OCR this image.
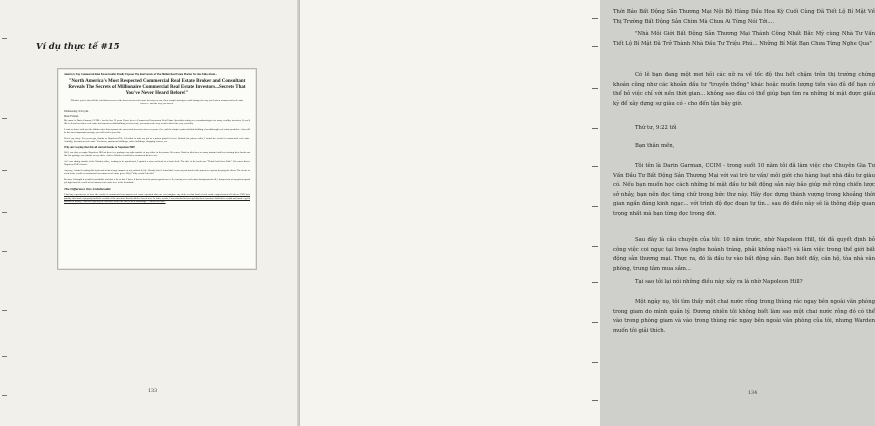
Ví dụ thực tế #15
America's Top Commercial Real Estate Insider Finally Exposes The Real Secrets of The Hidden Real Estate Market No One Talks About...
"North America's Most Respected Commercial Real Estate Broker and Consultant Reveals The Secrets of Millionaire Commercial Real Estate Investors...Secrets That You've Never Heard Before!"
Whether you've tried all the cold hard secrets of the most serious real estate investors or not, these simple strategies could change the way you look at commercial real estate forever... and the way you invest.
Wednesday, 9:22 pm.
Dear Friend,

My name is Darin Garman, CCIM -- for the last 19 years I have been a Commercial Investment Real Estate Specialist acting as a consultant/agent for many wealthy investors. If you'd like to learn how these real estate investment wealth-building secrets work, you must read every word in this letter very carefully.

I want to share with you the hidden rules that separate the successful investors from everyone else, and the simple system behind building a breakthrough real estate portfolio... that will be the most important message you will read in your life.

Here's my story: Ten years ago, thanks to Napoleon Hill, I decided to quit my job as a prison guard in Iowa. Outside the prison walls, I found the world of commercial real estate. Actually, investment real estate. You know, apartment buildings, office buildings, shopping centers, etc.

Why am I saying that this all started thanks to Napoleon Hill?

Well, one day as empty Napoleon Hill sat there in a garbage can right outside of my office in the prison. Of course I had no idea how so many inmates had been tossing their books out like the garbage was outside of my office. And so Warden would have mentioned them to me.

As I was sitting outside of the Warden office, waiting to be questioned, I spotted a worn out book in a book shelf. The title of the book was "Think And Grow Rich". Of course that is Napoleon Hill's classic.

Anyway, I started reading this book and it had a huge impact on my outlook in life. Shortly after I found that I was not just stuck at the prison in a prison keeping the doors. The desire to work in the world of commercial investment real estate grew. Why? Why would I do this?

Because I thought it would be profitable and also a lot of fun. I knew it had to beat the prison guard career. So, having zero real estate background at all, I jumped out of my prison guard job right into the world of investment real estate here in the heartland.

The Difference Was Unbelievable

I had my experiences of how the world of commercial investment real estate operated that one can imagine: my desk at what kind of real estate outperformed all others AND how quickly this kind of property built the wealth of the investors that decided to invest in it. In other words, I was shocked at how quickly these investors built their wealth and made a good amount of money. And how quickly the investors could use this to their advantage... I mean is it true?

133
Thời Báo Bất Động Sản Thương Mại Nội Bộ Hàng Đầu Hoa Kỳ Cuối Cùng Đã Tiết Lộ Bí Mật Về Thị Trường Bất Động Sản Chìm Mà Chưa Ai Từng Nói Tới....
"Nhà Môi Giới Bất Động Sản Thương Mại Thành Công Nhất Bắc Mỹ cùng Nhà Tư Vấn Tiết Lộ Bí Mật Đã Trở Thành Nhà Đầu Tư Triệu Phú... Những Bí Mật Bạn Chưa Từng Nghe Qua"
Có lẽ bạn đang một mơi hỏi các nữ ra về tốc độ thu hết chậm trên thị trường chứng khoán cũng như các khoản đầu tư "truyền thống" khác hoặc muốn lượng tiền vào đủ để bạn có thể bỏ việc chỉ với nền thời gian... không sao đâu có thể giúp bạn tìm ra những bí mật được giấu kỹ để xây dựng sự giàu có - cho đến tận bây giờ.
Thứ tư, 9:22 tối
Bạn thân mến,
Tôi tên là Darin Garman, CCIM - trong suốt 10 năm tôi đã làm việc cho Chuyên Gia Tư Vấn Đầu Tư Bất Động Sản Thương Mại với vai trò tư vấn/ môi giới cho hàng loạt nhà đầu tư giàu có. Nếu bạn muốn học cách những bí mật đầu tư bất động sản này bảo giúp mở rộng chiến lược sở nhảy, bạn nên đọc từng chữ trong bức thư này. Hãy đọc dựng thành vượng trong khoảng thời gian ngắn đáng kinh ngạc... với trình độ đọc đoạn tự tìn... sau đó điều này sẽ là thông điệp quan trọng nhất mà bạn từng đọc trong đời.
Sau đây là câu chuyện của tôi: 10 năm trước, nhờ Napoleon Hill, tôi đã quyết định bỏ công việc coi ngục tại Iowa (nghe hoành tráng, phải không nào?) và làm việc trong thế giới bất động sản thương mại. Thực ra, đó là đầu tư vào bất động sản. Bạn biết đấy, căn hộ, tòa nhà văn phòng, trung tâm mua sắm...
Tại sao tôi lại nói những điều này xảy ra là nhờ Napoleon Hill?
Một ngày nọ, tôi tìm thấy một chai nước rỗng trong thùng rác ngay bên ngoài văn phòng trong giam do mình quản lý. Đương nhiên tôi không biết làm sao một chai nước rỗng đó có thể vào trong phòng giam và vào trong thùng rác ngay bên ngoài văn phòng của tôi, nhưng Warden muốn tôi giải thích.
134
